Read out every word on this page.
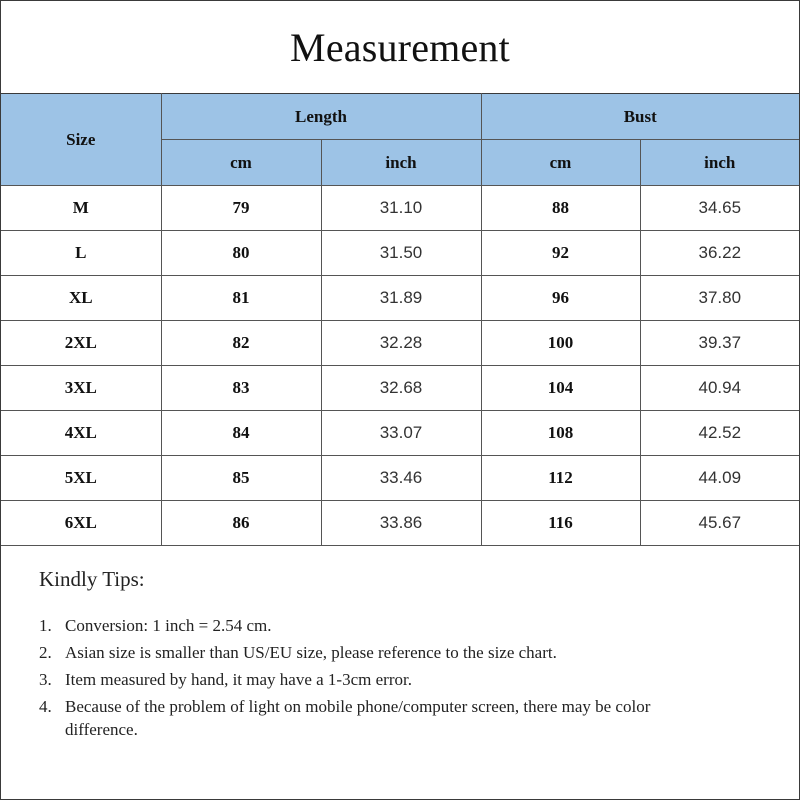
Measurement
Size	Length		Bust	
	cm	inch	cm	inch
M	79	31.10	88	34.65
L	80	31.50	92	36.22
XL	81	31.89	96	37.80
2XL	82	32.28	100	39.37
3XL	83	32.68	104	40.94
4XL	84	33.07	108	42.52
5XL	85	33.46	112	44.09
6XL	86	33.86	116	45.67
Kindly Tips:
1. Conversion: 1 inch = 2.54 cm.
2. Asian size is smaller than US/EU size, please reference to the size chart.
3. Item measured by hand, it may have a 1-3cm error.
4. Because of the problem of light on mobile phone/computer screen, there may be color difference.
